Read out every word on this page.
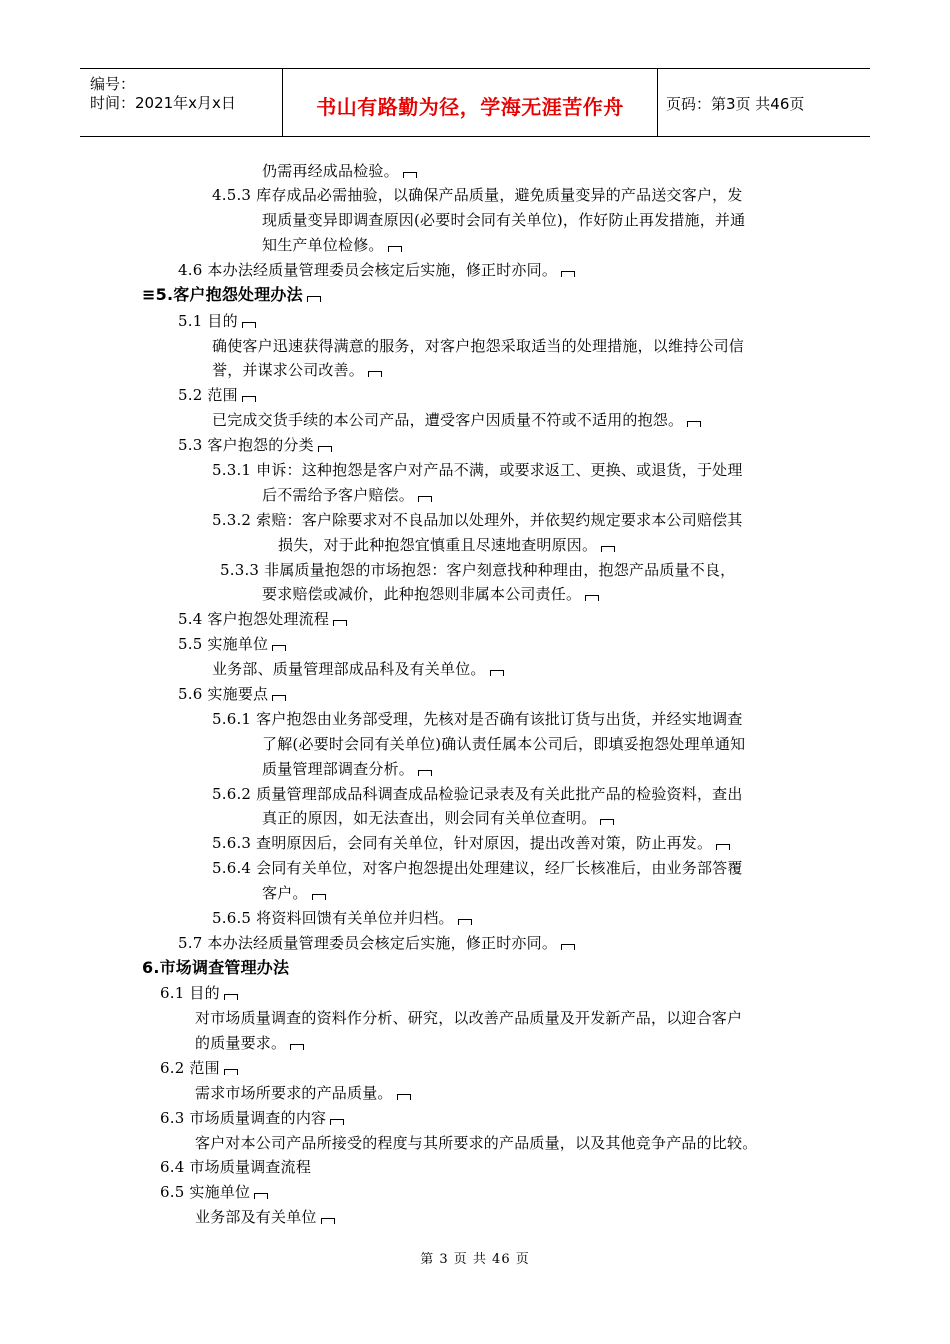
编号：
时间：2021年x月x日	书山有路勤为径，学海无涯苦作舟	页码：第3页 共46页
仍需再经成品检验。
4.5.3 库存成品必需抽验，以确保产品质量，避免质量变异的产品送交客户，发
现质量变异即调查原因(必要时会同有关单位)，作好防止再发措施，并通
知生产单位检修。
4.6 本办法经质量管理委员会核定后实施，修正时亦同。
≡5.客户抱怨处理办法
5.1 目的
确使客户迅速获得满意的服务，对客户抱怨采取适当的处理措施，以维持公司信
誉，并谋求公司改善。
5.2 范围
已完成交货手续的本公司产品，遭受客户因质量不符或不适用的抱怨。
5.3 客户抱怨的分类
5.3.1 申诉：这种抱怨是客户对产品不满，或要求返工、更换、或退货，于处理
后不需给予客户赔偿。
5.3.2 索赔：客户除要求对不良品加以处理外，并依契约规定要求本公司赔偿其
损失，对于此种抱怨宜慎重且尽速地查明原因。
5.3.3 非属质量抱怨的市场抱怨：客户刻意找种种理由，抱怨产品质量不良，
要求赔偿或减价，此种抱怨则非属本公司责任。
5.4 客户抱怨处理流程
5.5 实施单位
业务部、质量管理部成品科及有关单位。
5.6 实施要点
5.6.1 客户抱怨由业务部受理，先核对是否确有该批订货与出货，并经实地调查
了解(必要时会同有关单位)确认责任属本公司后，即填妥抱怨处理单通知
质量管理部调查分析。
5.6.2 质量管理部成品科调查成品检验记录表及有关此批产品的检验资料，查出
真正的原因，如无法查出，则会同有关单位查明。
5.6.3 查明原因后，会同有关单位，针对原因，提出改善对策，防止再发。
5.6.4 会同有关单位，对客户抱怨提出处理建议，经厂长核准后，由业务部答覆
客户。
5.6.5 将资料回馈有关单位并归档。
5.7 本办法经质量管理委员会核定后实施，修正时亦同。
6.市场调查管理办法
6.1 目的
对市场质量调查的资料作分析、研究，以改善产品质量及开发新产品，以迎合客户
的质量要求。
6.2 范围
需求市场所要求的产品质量。
6.3 市场质量调查的内容
客户对本公司产品所接受的程度与其所要求的产品质量，以及其他竞争产品的比较。
6.4 市场质量调查流程
6.5 实施单位
业务部及有关单位
第 3 页 共 46 页
